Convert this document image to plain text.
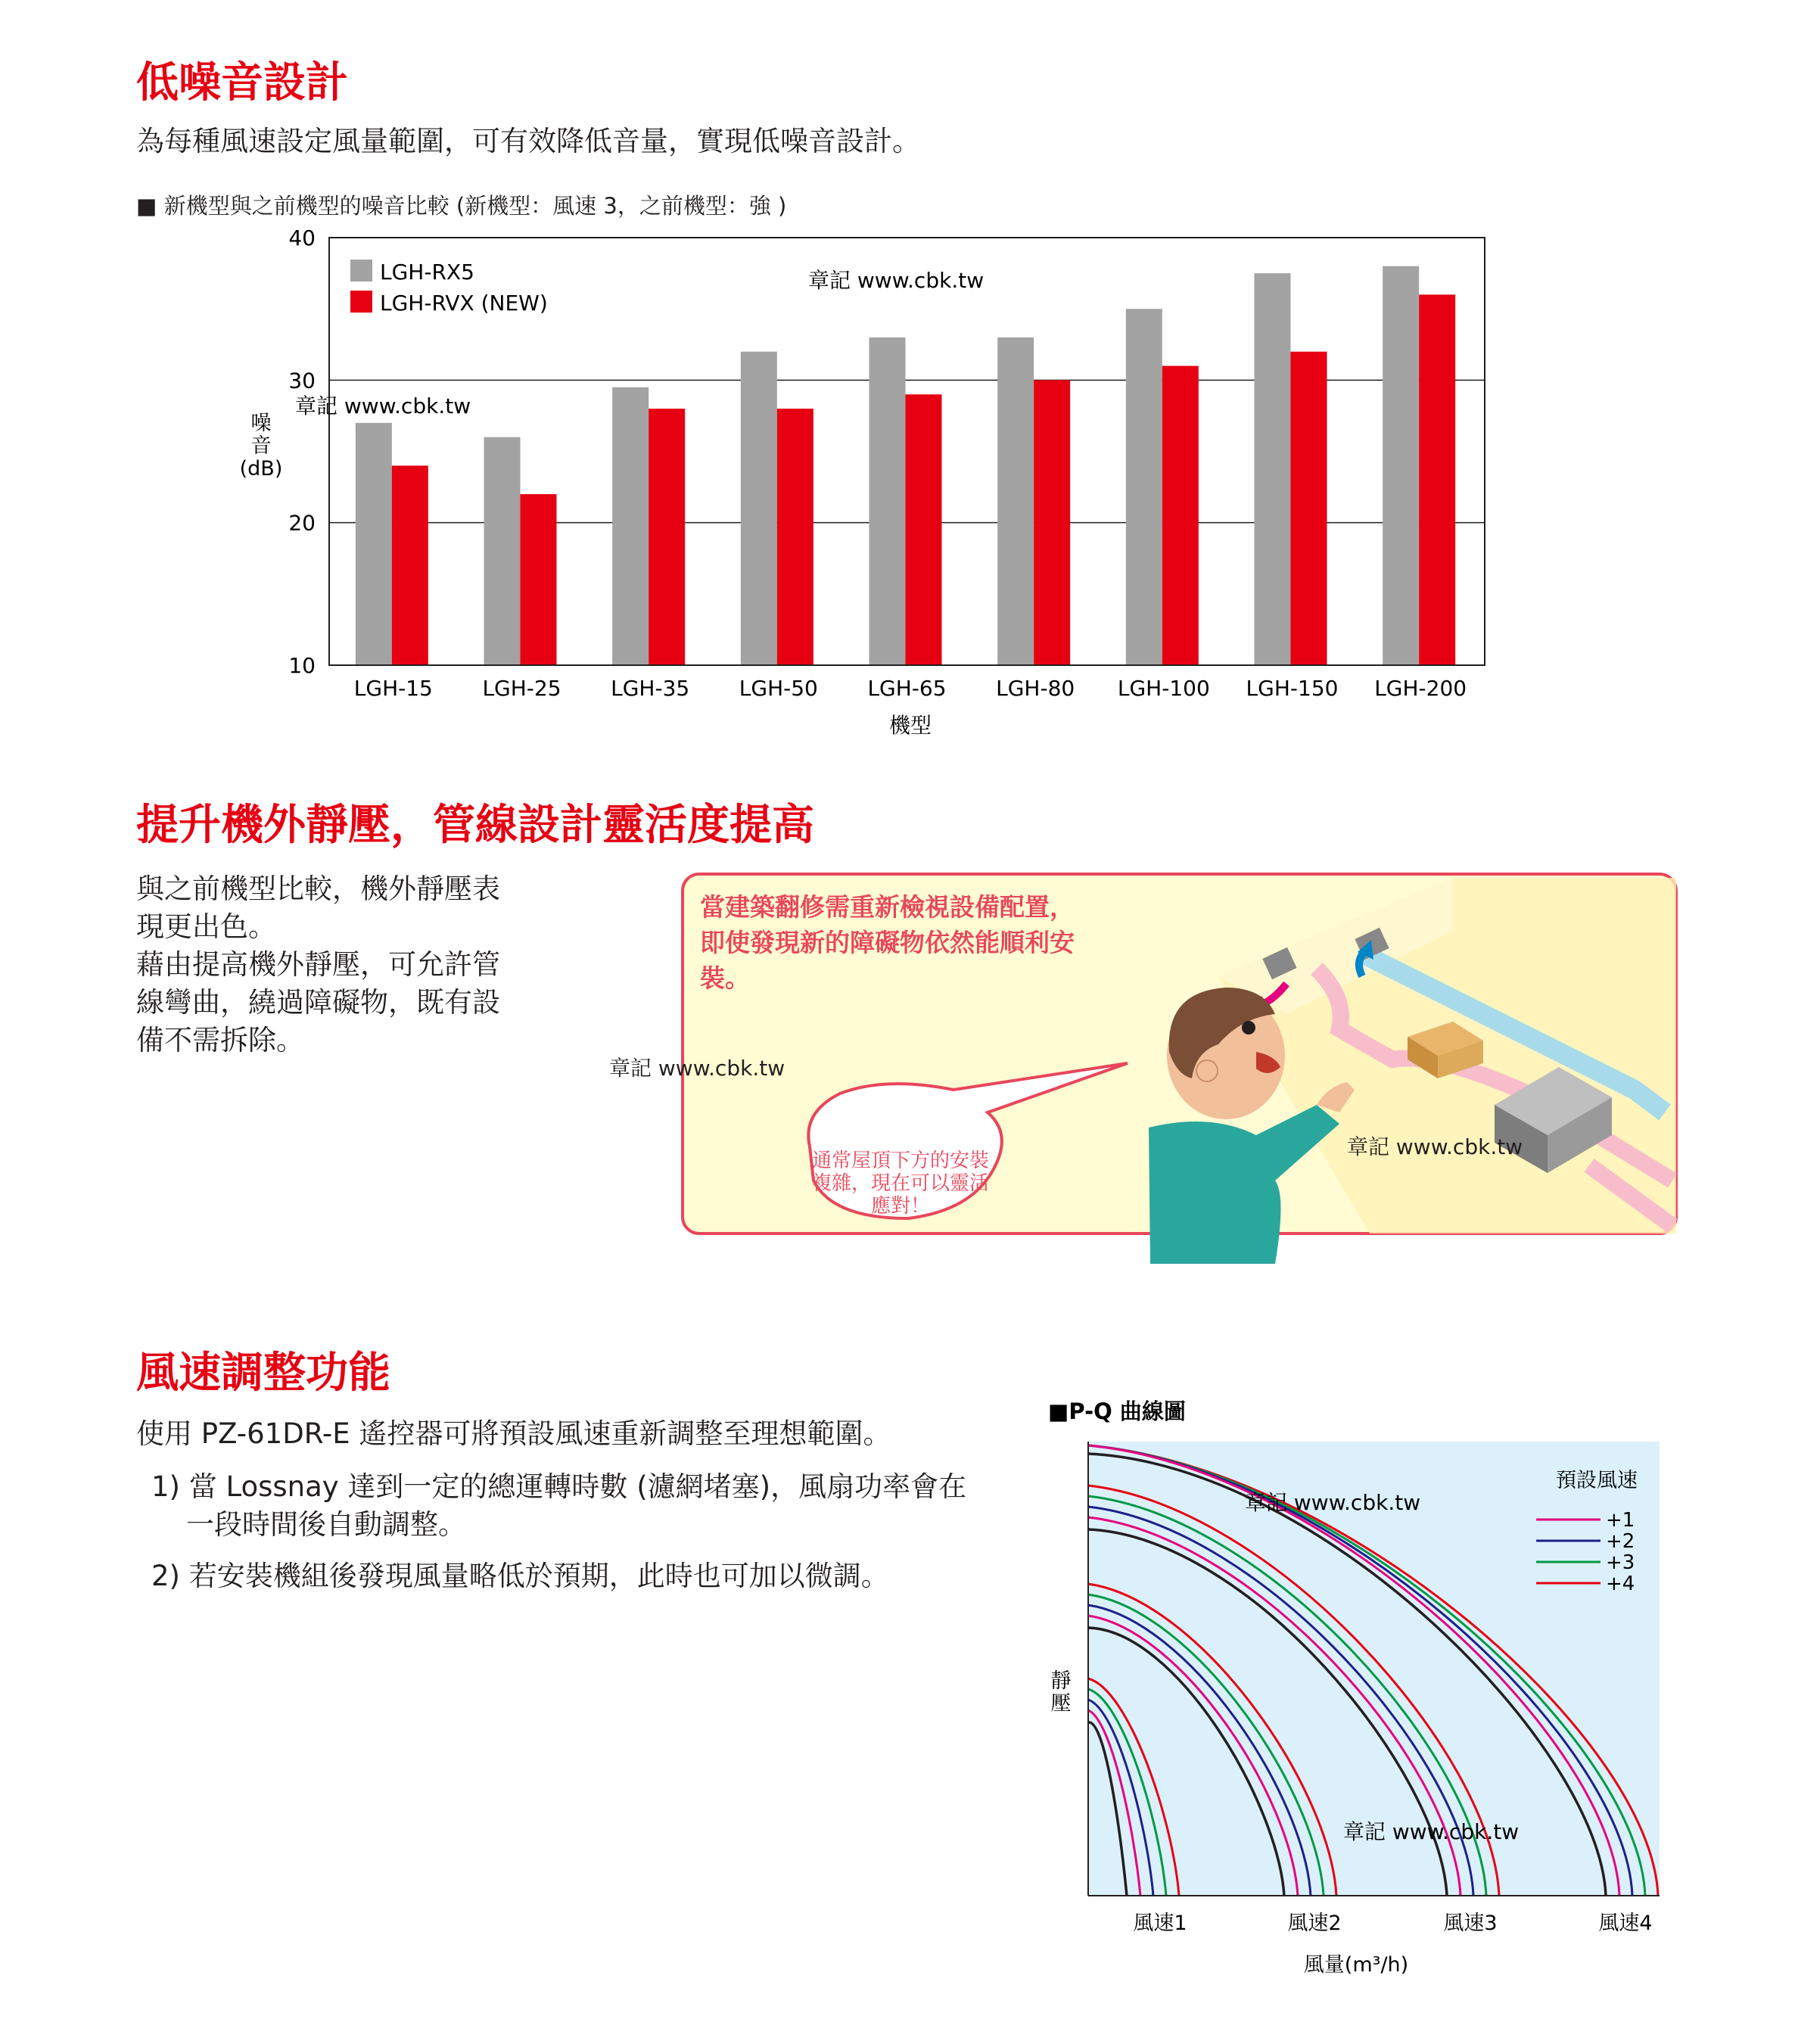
低噪音設計
為每種風速設定風量範圍，可有效降低音量，實現低噪音設計。
■ 新機型與之前機型的噪音比較 (新機型：風速 3，之前機型：強 )
10
20
30
40
LGH-15 LGH-25 LGH-35 LGH-50 LGH-65 LGH-80 LGH-100 LGH-150 LGH-200
噪
音
(dB)
機型
LGH-RX5
LGH-RVX (NEW)
章記 www.cbk.tw
章記 www.cbk.tw
提升機外靜壓，管線設計靈活度提高
與之前機型比較，機外靜壓表
現更出色。
藉由提高機外靜壓，可允許管
線彎曲，繞過障礙物，既有設
備不需拆除。
通常屋頂下方的安裝
複雜，現在可以靈活
應對！
當建築翻修需重新檢視設備配置，
即使發現新的障礙物依然能順利安
裝。
章記 www.cbk.tw
章記 www.cbk.tw
風速調整功能
使用 PZ-61DR-E 遙控器可將預設風速重新調整至理想範圍。
1) 當 Lossnay 達到一定的總運轉時數 (濾網堵塞)，風扇功率會在
一段時間後自動調整。
2) 若安裝機組後發現風量略低於預期，此時也可加以微調。
■P-Q 曲線圖
風速1	風速2	風速3	風速4
靜
壓
風量(m³/h)
預設風速
+1
+2
+3
+4
章記 www.cbk.tw
章記 www.cbk.tw
